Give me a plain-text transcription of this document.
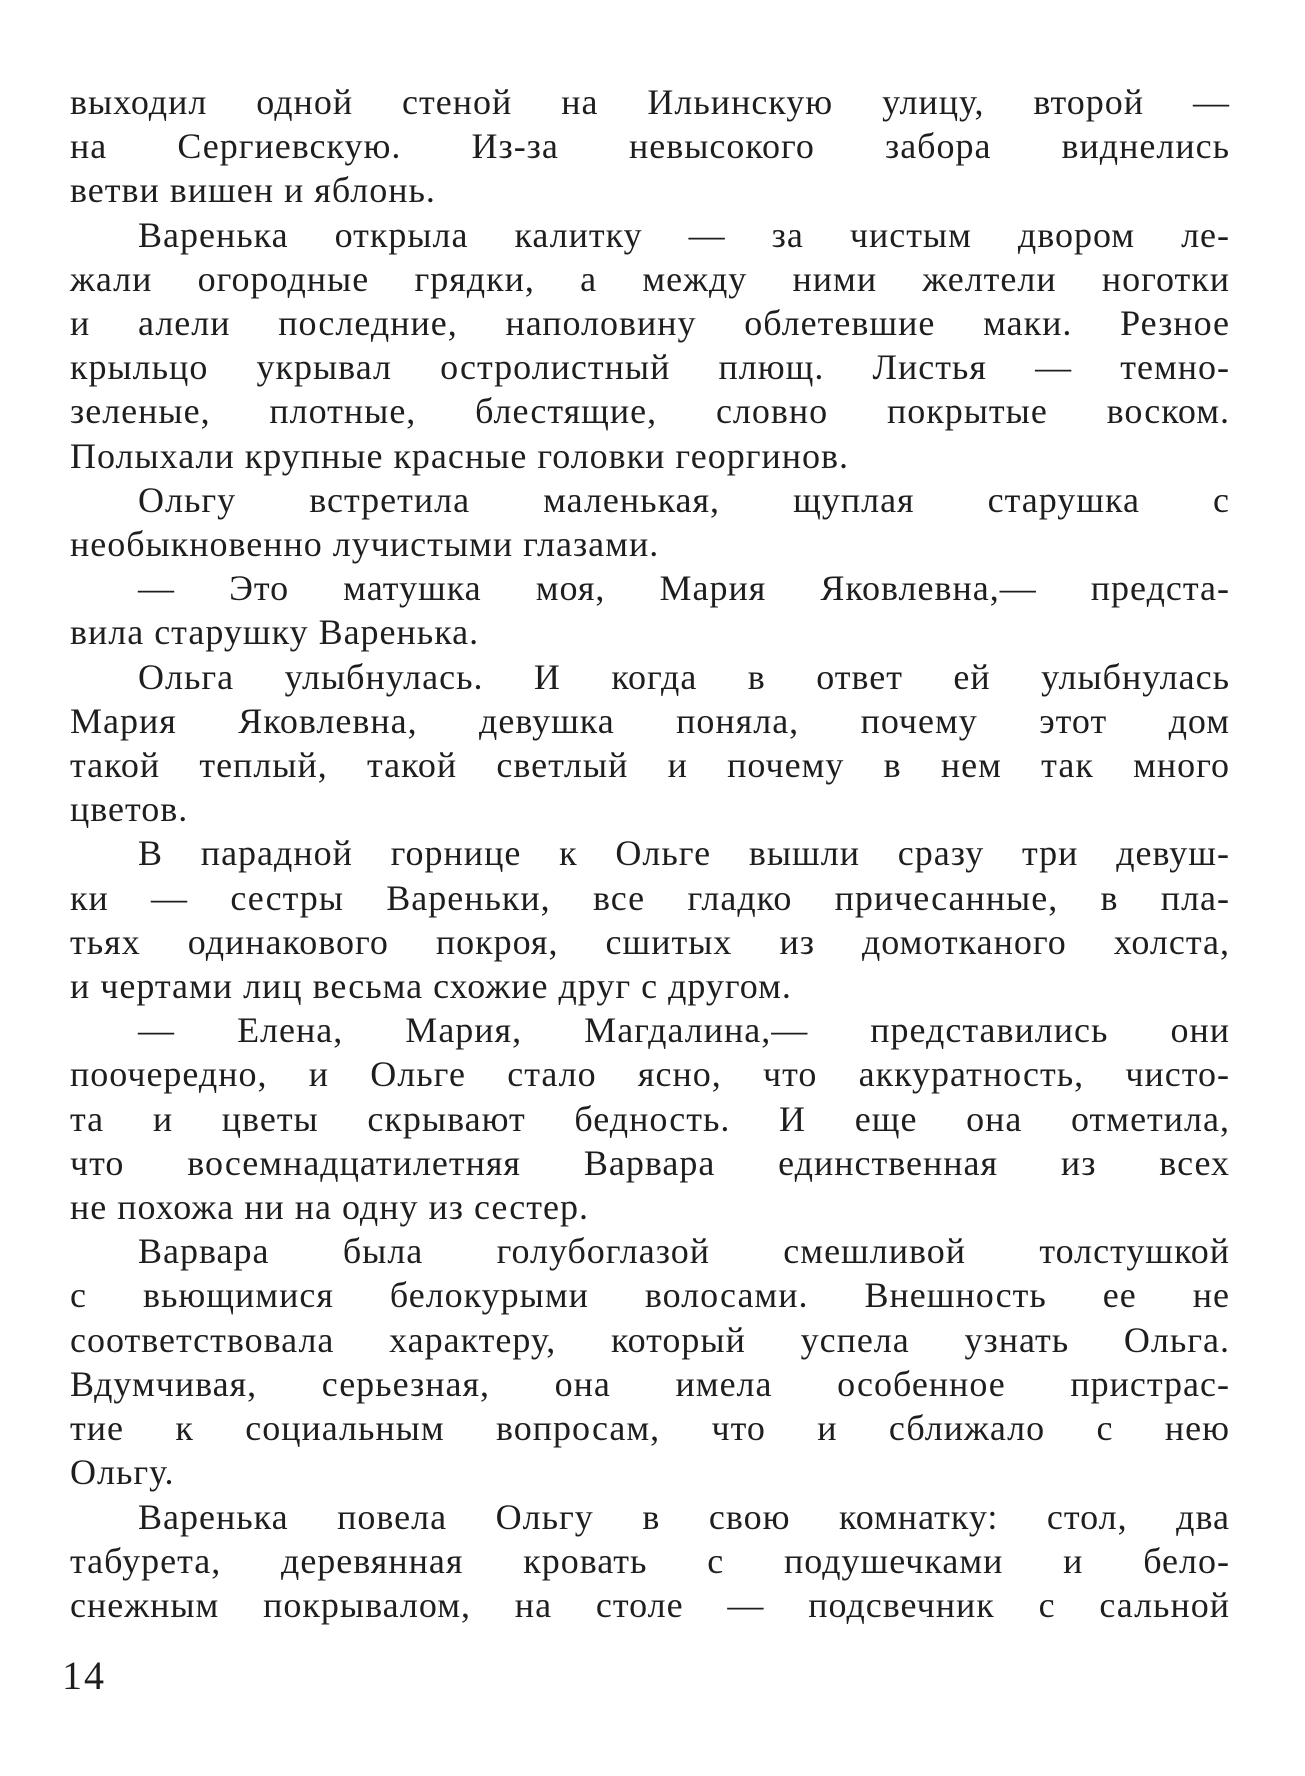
выходил одной стеной на Ильинскую улицу, второй —
на Сергиевскую. Из-за невысокого забора виднелись
ветви вишен и яблонь.
Варенька открыла калитку — за чистым двором ле-
жали огородные грядки, а между ними желтели ноготки
и алели последние, наполовину облетевшие маки. Резное
крыльцо укрывал остролистный плющ. Листья — темно-
зеленые, плотные, блестящие, словно покрытые воском.
Полыхали крупные красные головки георгинов.
Ольгу встретила маленькая, щуплая старушка с
необыкновенно лучистыми глазами.
— Это матушка моя, Мария Яковлевна,— предста-
вила старушку Варенька.
Ольга улыбнулась. И когда в ответ ей улыбнулась
Мария Яковлевна, девушка поняла, почему этот дом
такой теплый, такой светлый и почему в нем так много
цветов.
В парадной горнице к Ольге вышли сразу три девуш-
ки — сестры Вареньки, все гладко причесанные, в пла-
тьях одинакового покроя, сшитых из домотканого холста,
и чертами лиц весьма схожие друг с другом.
— Елена, Мария, Магдалина,— представились они
поочередно, и Ольге стало ясно, что аккуратность, чисто-
та и цветы скрывают бедность. И еще она отметила,
что восемнадцатилетняя Варвара единственная из всех
не похожа ни на одну из сестер.
Варвара была голубоглазой смешливой толстушкой
с вьющимися белокурыми волосами. Внешность ее не
соответствовала характеру, который успела узнать Ольга.
Вдумчивая, серьезная, она имела особенное пристрас-
тие к социальным вопросам, что и сближало с нею
Ольгу.
Варенька повела Ольгу в свою комнатку: стол, два
табурета, деревянная кровать с подушечками и бело-
снежным покрывалом, на столе — подсвечник с сальной
14
